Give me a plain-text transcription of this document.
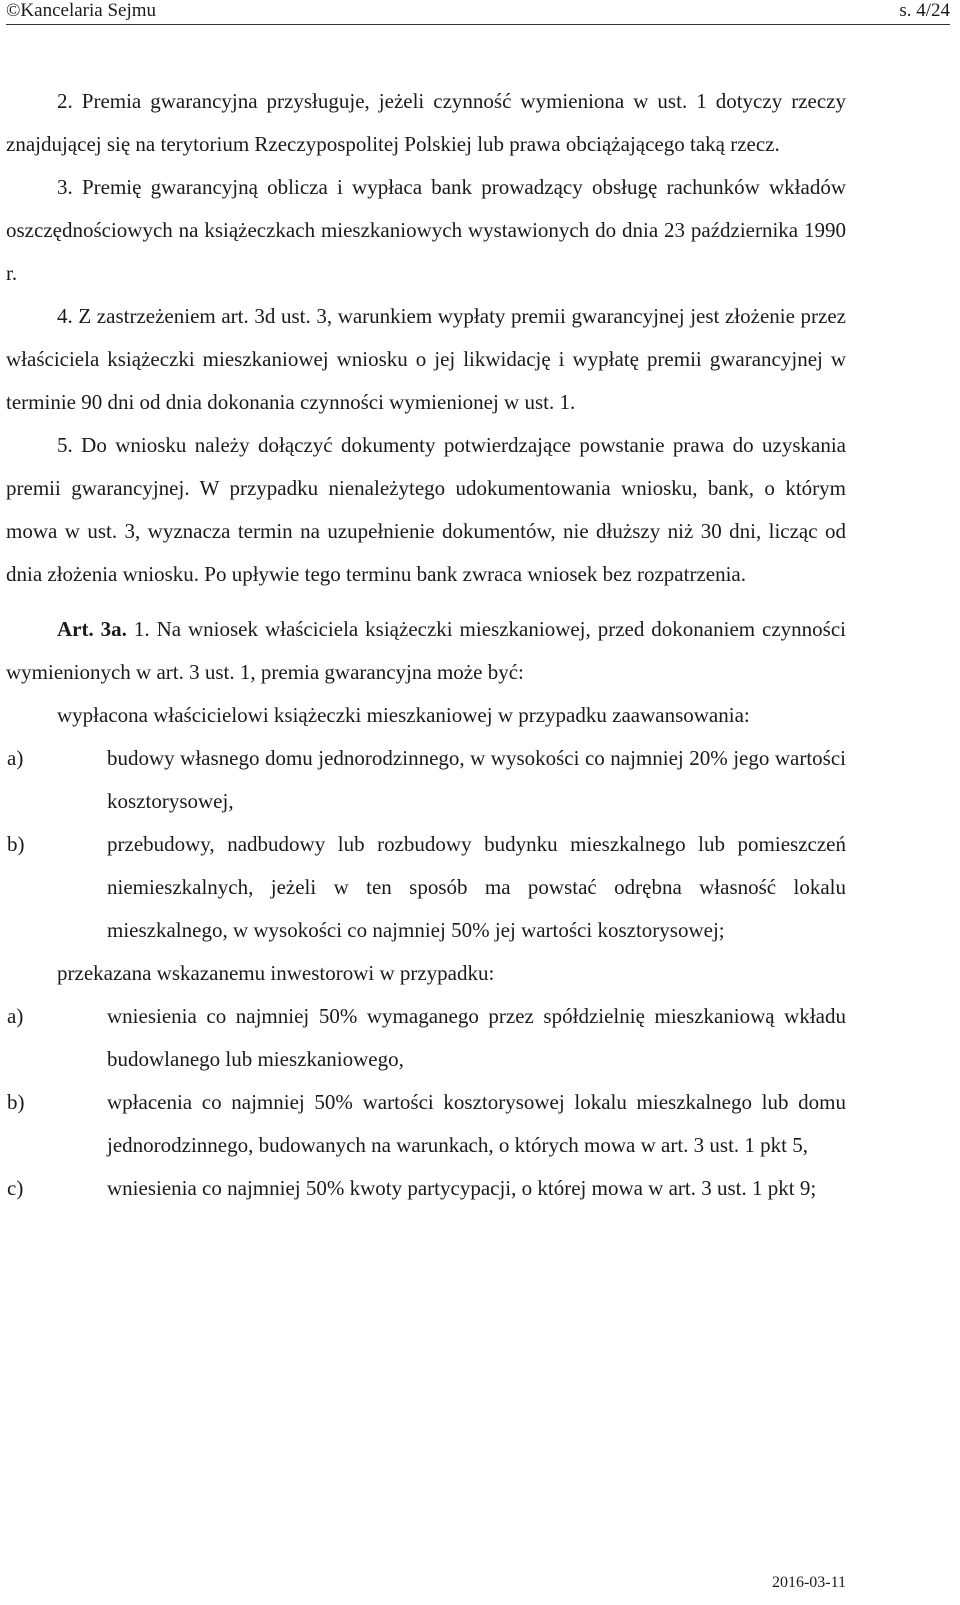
©Kancelaria Sejmu	s. 4/24
2. Premia gwarancyjna przysługuje, jeżeli czynność wymieniona w ust. 1 dotyczy rzeczy znajdującej się na terytorium Rzeczypospolitej Polskiej lub prawa obciążającego taką rzecz.
3. Premię gwarancyjną oblicza i wypłaca bank prowadzący obsługę rachunków wkładów oszczędnościowych na książeczkach mieszkaniowych wystawionych do dnia 23 października 1990 r.
4. Z zastrzeżeniem art. 3d ust. 3, warunkiem wypłaty premii gwarancyjnej jest złożenie przez właściciela książeczki mieszkaniowej wniosku o jej likwidację i wypłatę premii gwarancyjnej w terminie 90 dni od dnia dokonania czynności wymienionej w ust. 1.
5. Do wniosku należy dołączyć dokumenty potwierdzające powstanie prawa do uzyskania premii gwarancyjnej. W przypadku nienależytego udokumentowania wniosku, bank, o którym mowa w ust. 3, wyznacza termin na uzupełnienie dokumentów, nie dłuższy niż 30 dni, licząc od dnia złożenia wniosku. Po upływie tego terminu bank zwraca wniosek bez rozpatrzenia.
Art. 3a. 1. Na wniosek właściciela książeczki mieszkaniowej, przed dokonaniem czynności wymienionych w art. 3 ust. 1, premia gwarancyjna może być:
wypłacona właścicielowi książeczki mieszkaniowej w przypadku zaawansowania:
a)	budowy własnego domu jednorodzinnego, w wysokości co najmniej 20% jego wartości kosztorysowej,
b)	przebudowy, nadbudowy lub rozbudowy budynku mieszkalnego lub pomieszczeń niemieszkalnych, jeżeli w ten sposób ma powstać odrębna własność lokalu mieszkalnego, w wysokości co najmniej 50% jej wartości kosztorysowej;
przekazana wskazanemu inwestorowi w przypadku:
a)	wniesienia co najmniej 50% wymaganego przez spółdzielnię mieszkaniową wkładu budowlanego lub mieszkaniowego,
b)	wpłacenia co najmniej 50% wartości kosztorysowej lokalu mieszkalnego lub domu jednorodzinnego, budowanych na warunkach, o których mowa w art. 3 ust. 1 pkt 5,
c)	wniesienia co najmniej 50% kwoty partycypacji, o której mowa w art. 3 ust. 1 pkt 9;
2016-03-11
